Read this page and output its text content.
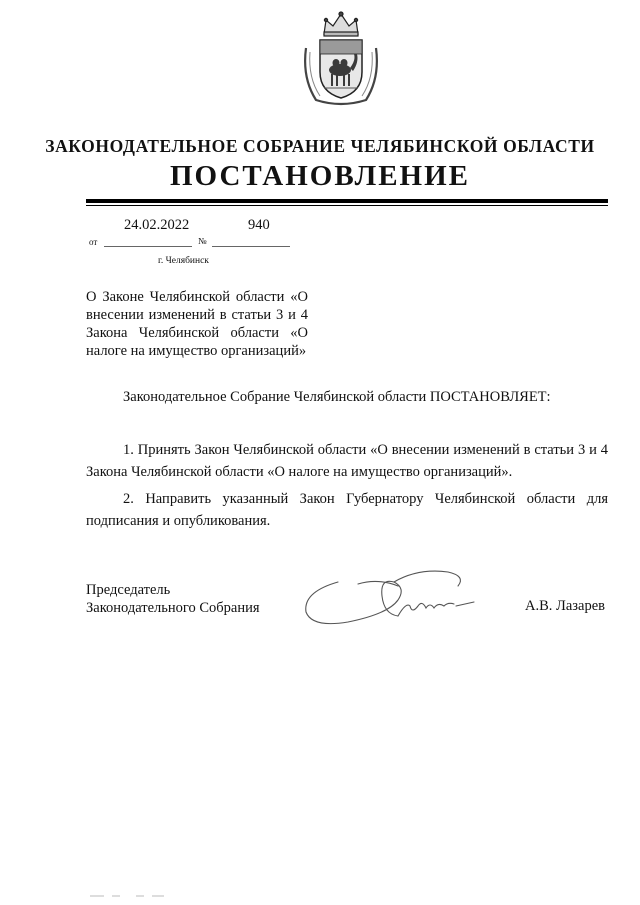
ЗАКОНОДАТЕЛЬНОЕ СОБРАНИЕ ЧЕЛЯБИНСКОЙ ОБЛАСТИ
ПОСТАНОВЛЕНИЕ
24.02.2022	940
от	№
г. Челябинск
О Законе Челябинской области «О внесении изменений в статьи 3 и 4 Закона Челябинской области «О налоге на имущество организаций»
Законодательное Собрание Челябинской области ПОСТАНОВЛЯЕТ:
1. Принять Закон Челябинской области «О внесении изменений в статьи 3 и 4 Закона Челябинской области «О налоге на имущество организаций».
2. Направить указанный Закон Губернатору Челябинской области для подписания и опубликования.
Председатель
Законодательного Собрания	А.В. Лазарев
